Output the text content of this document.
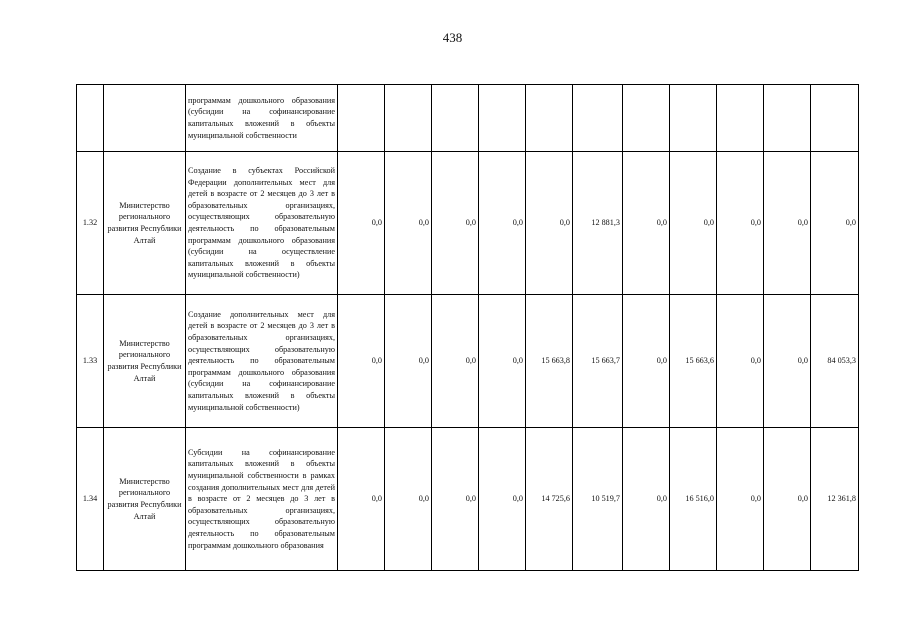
438
		программам дошкольного образования (субсидии на софинансирование капитальных вложений в объекты муниципальной собственности											
1.32	Министерство регионального развития Республики Алтай	Создание в субъектах Российской Федерации дополнительных мест для детей в возрасте от 2 месяцев до 3 лет в образовательных организациях, осуществляющих образовательную деятельность по образовательным программам дошкольного образования (субсидии на осуществление капитальных вложений в объекты муниципальной собственности)	0,0	0,0	0,0	0,0	0,0	12 881,3	0,0	0,0	0,0	0,0	0,0
1.33	Министерство регионального развития Республики Алтай	Создание дополнительных мест для детей в возрасте от 2 месяцев до 3 лет в образовательных организациях, осуществляющих образовательную деятельность по образовательным программам дошкольного образования (субсидии на софинансирование капитальных вложений в объекты муниципальной собственности)	0,0	0,0	0,0	0,0	15 663,8	15 663,7	0,0	15 663,6	0,0	0,0	84 053,3
1.34	Министерство регионального развития Республики Алтай	Субсидии на софинансирование капитальных вложений в объекты муниципальной собственности в рамках создания дополнительных мест для детей в возрасте от 2 месяцев до 3 лет в образовательных организациях, осуществляющих образовательную деятельность по образовательным программам дошкольного образования	0,0	0,0	0,0	0,0	14 725,6	10 519,7	0,0	16 516,0	0,0	0,0	12 361,8
